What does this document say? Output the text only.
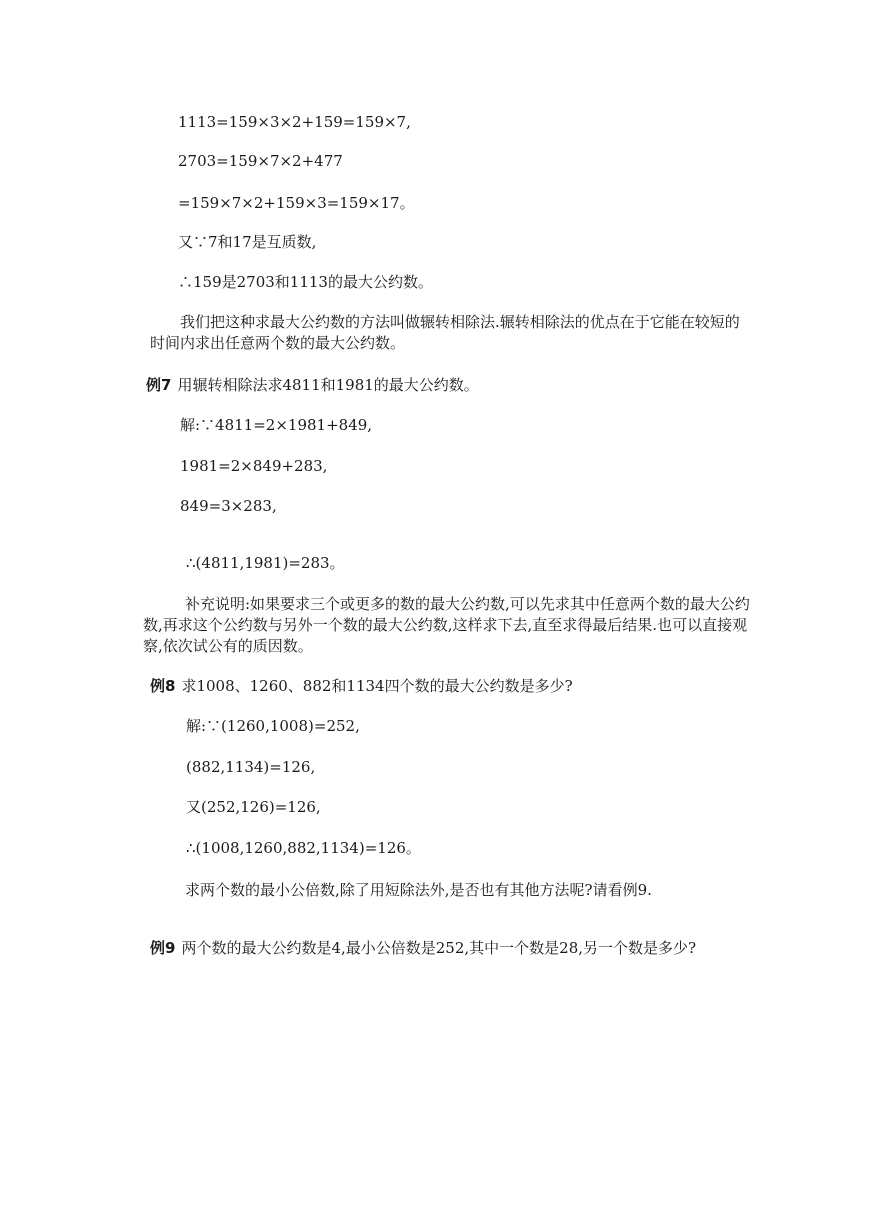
1113=159×3×2+159=159×7,
2703=159×7×2+477
=159×7×2+159×3=159×17。
又∵7和17是互质数,
∴159是2703和1113的最大公约数。
我们把这种求最大公约数的方法叫做辗转相除法.辗转相除法的优点在于它能在较短的时间内求出任意两个数的最大公约数。
例7 用辗转相除法求4811和1981的最大公约数。
解:∵4811=2×1981+849,
1981=2×849+283,
849=3×283,
∴(4811,1981)=283。
补充说明:如果要求三个或更多的数的最大公约数,可以先求其中任意两个数的最大公约数,再求这个公约数与另外一个数的最大公约数,这样求下去,直至求得最后结果.也可以直接观察,依次试公有的质因数。
例8 求1008、1260、882和1134四个数的最大公约数是多少?
解:∵(1260,1008)=252,
(882,1134)=126,
又(252,126)=126,
∴(1008,1260,882,1134)=126。
求两个数的最小公倍数,除了用短除法外,是否也有其他方法呢?请看例9.
例9 两个数的最大公约数是4,最小公倍数是252,其中一个数是28,另一个数是多少?
